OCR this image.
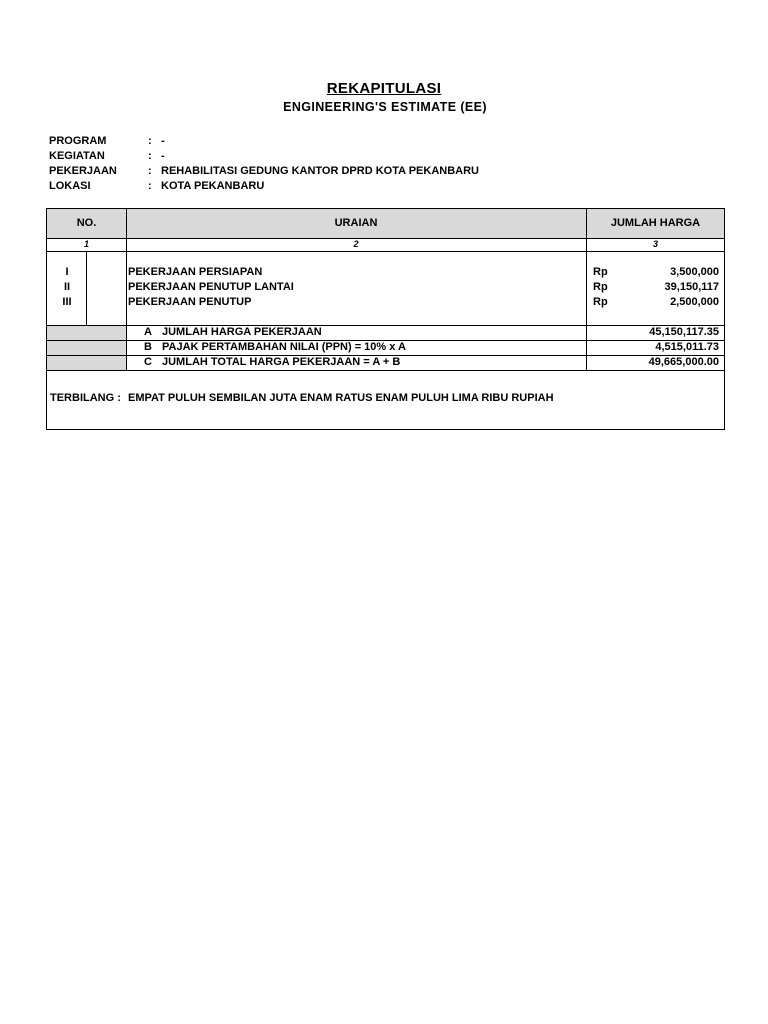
REKAPITULASI
ENGINEERING'S ESTIMATE (EE)
PROGRAM	: -
KEGIATAN	: -
PEKERJAAN	: REHABILITASI GEDUNG KANTOR DPRD KOTA PEKANBARU
LOKASI	: KOTA PEKANBARU
NO.	URAIAN	JUMLAH HARGA
1	2	3
I	PEKERJAAN PERSIAPAN	Rp	3,500,000
II	PEKERJAAN PENUTUP LANTAI	Rp	39,150,117
III	PEKERJAAN PENUTUP	Rp	2,500,000
A JUMLAH HARGA PEKERJAAN	45,150,117.35
B PAJAK PERTAMBAHAN NILAI (PPN) = 10% x A	4,515,011.73
C JUMLAH TOTAL HARGA PEKERJAAN = A + B	49,665,000.00
TERBILANG : EMPAT PULUH SEMBILAN JUTA ENAM RATUS ENAM PULUH LIMA RIBU RUPIAH
